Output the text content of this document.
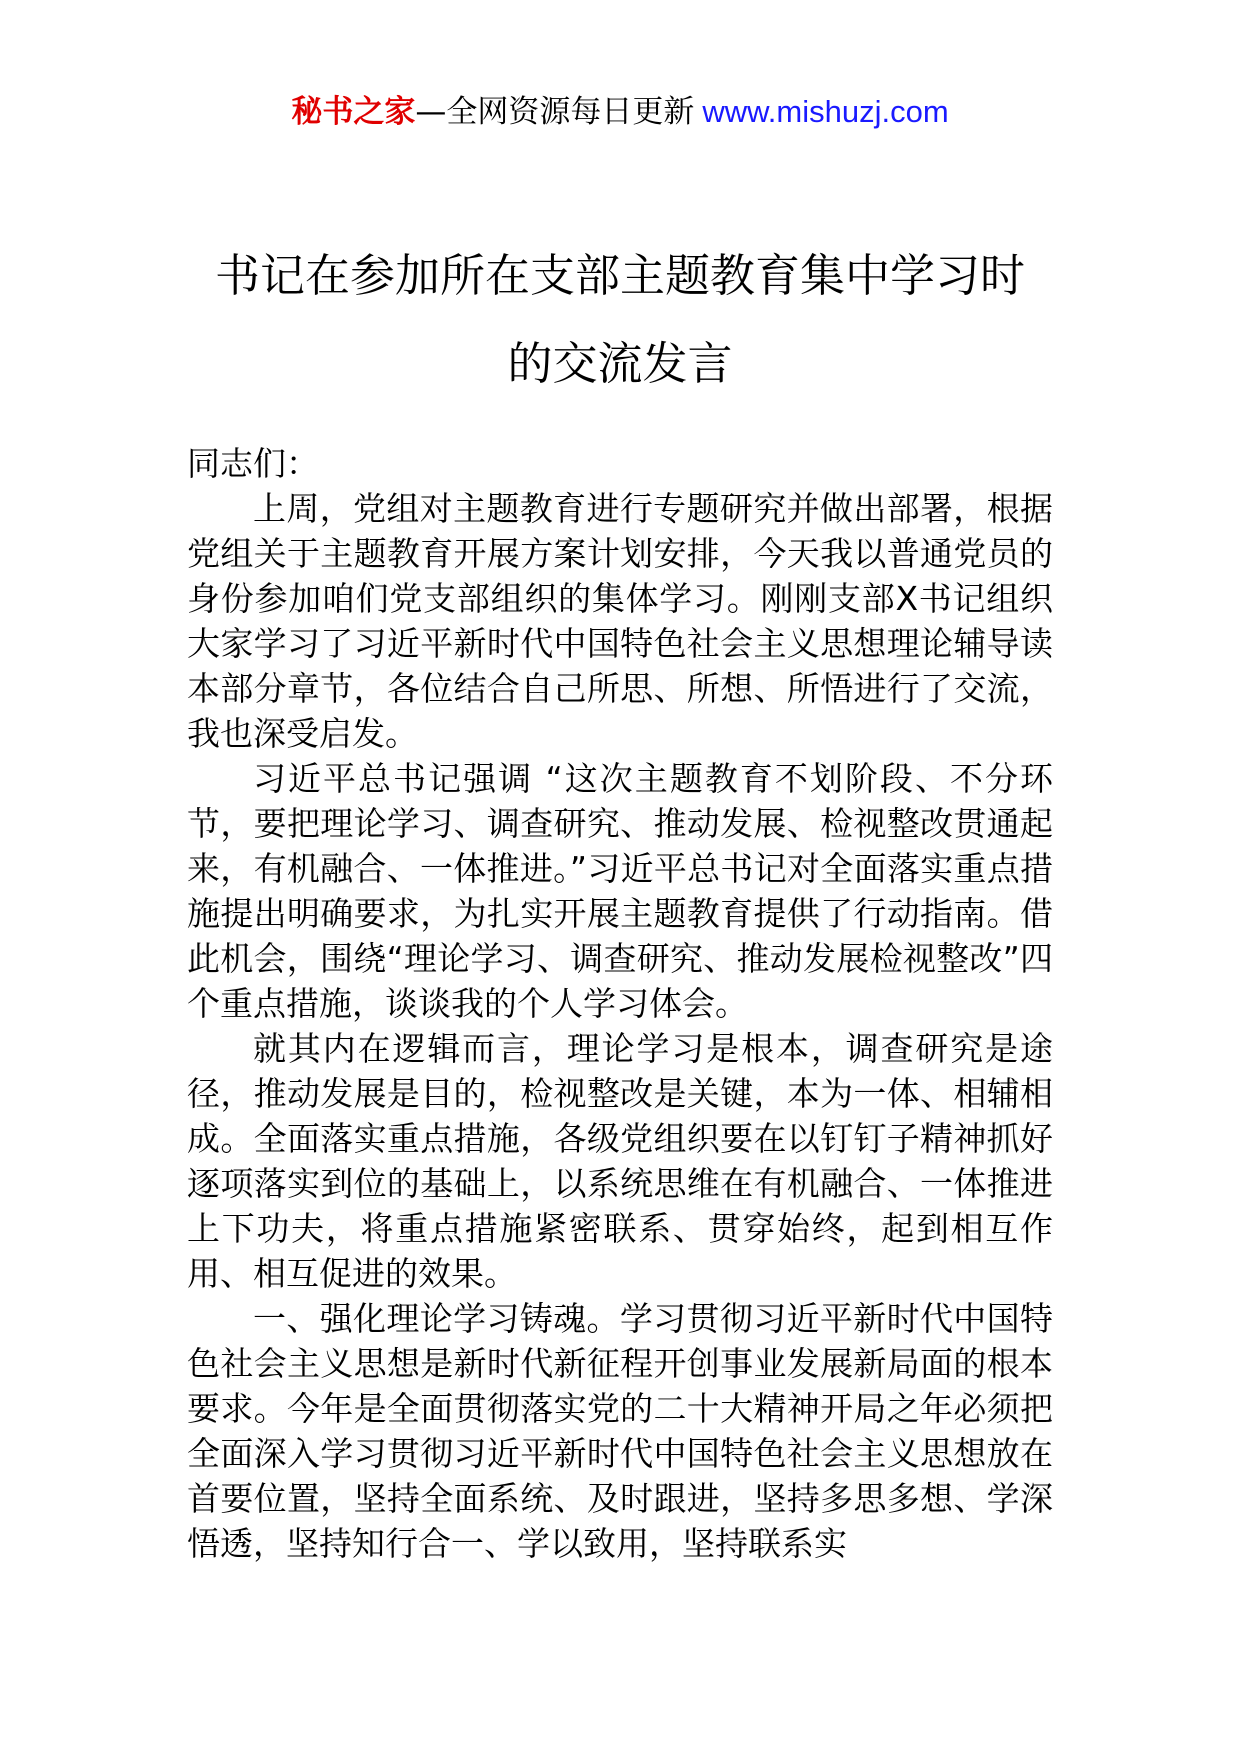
秘书之家—全网资源每日更新 www.mishuzj.com
书记在参加所在支部主题教育集中学习时
的交流发言

同志们：

上周，党组对主题教育进行专题研究并做出部署，根据党组关于主题教育开展方案计划安排，今天我以普通党员的身份参加咱们党支部组织的集体学习。刚刚支部X书记组织大家学习了习近平新时代中国特色社会主义思想理论辅导读本部分章节，各位结合自己所思、所想、所悟进行了交流，我也深受启发。

习近平总书记强调 “这次主题教育不划阶段、不分环节，要把理论学习、调查研究、推动发展、检视整改贯通起来，有机融合、一体推进。”习近平总书记对全面落实重点措施提出明确要求，为扎实开展主题教育提供了行动指南。借此机会，围绕“理论学习、调查研究、推动发展检视整改”四个重点措施，谈谈我的个人学习体会。

就其内在逻辑而言，理论学习是根本，调查研究是途径，推动发展是目的，检视整改是关键，本为一体、相辅相成。全面落实重点措施，各级党组织要在以钉钉子精神抓好逐项落实到位的基础上，以系统思维在有机融合、一体推进上下功夫，将重点措施紧密联系、贯穿始终，起到相互作用、相互促进的效果。

一、强化理论学习铸魂。学习贯彻习近平新时代中国特色社会主义思想是新时代新征程开创事业发展新局面的根本要求。今年是全面贯彻落实党的二十大精神开局之年必须把全面深入学习贯彻习近平新时代中国特色社会主义思想放在首要位置，坚持全面系统、及时跟进，坚持多思多想、学深悟透，坚持知行合一、学以致用，坚持联系实
